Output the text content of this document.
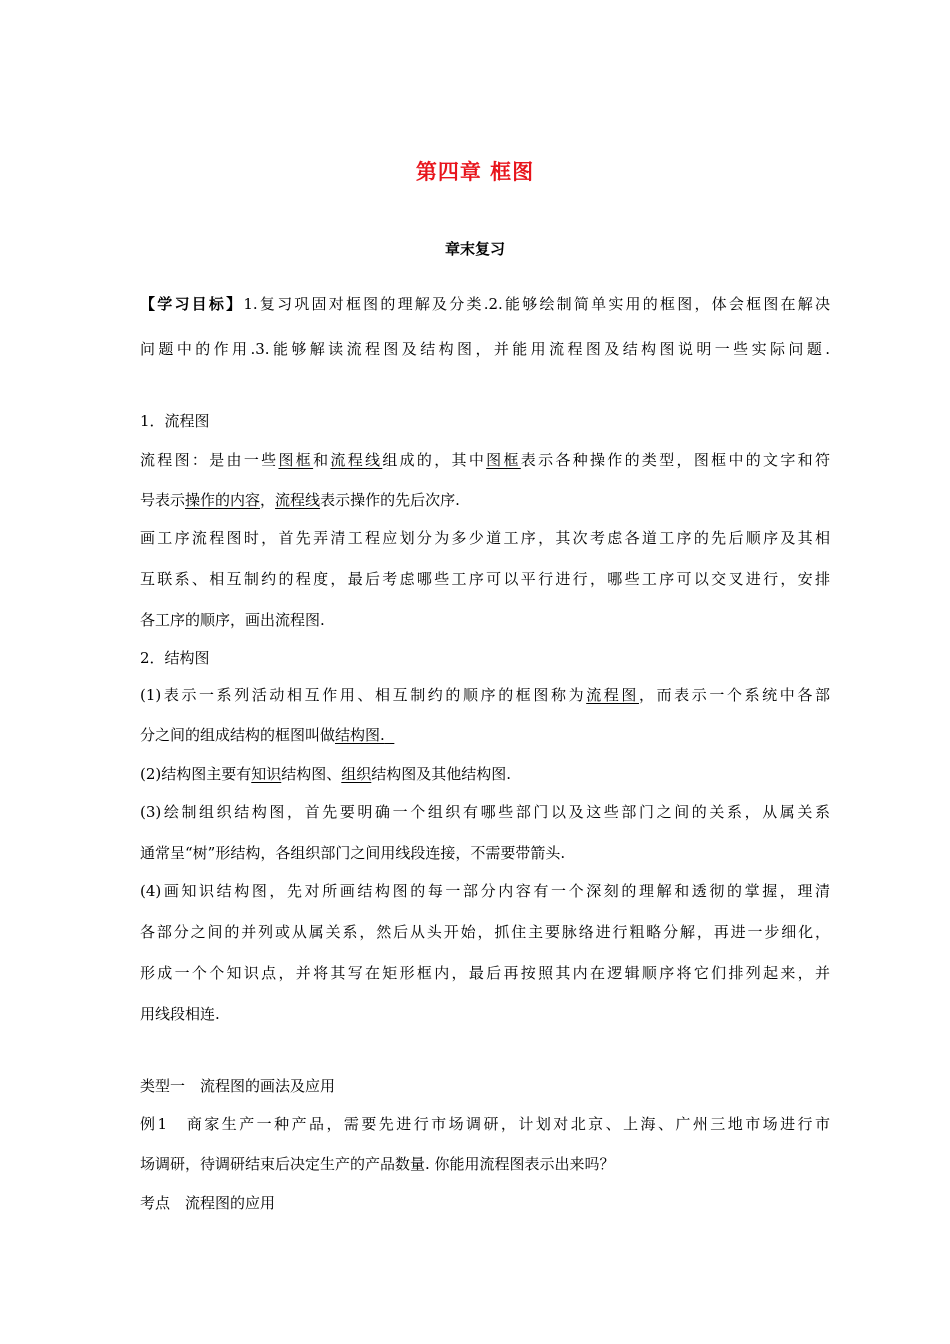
第四章 框图
章末复习
【学习目标】1.复习巩固对框图的理解及分类.2.能够绘制简单实用的框图，体会框图在解决
问题中的作用.3.能够解读流程图及结构图，并能用流程图及结构图说明一些实际问题.
1．流程图
流程图：是由一些图框和流程线组成的，其中图框表示各种操作的类型，图框中的文字和符
号表示操作的内容，流程线表示操作的先后次序.
画工序流程图时，首先弄清工程应划分为多少道工序，其次考虑各道工序的先后顺序及其相
互联系、相互制约的程度，最后考虑哪些工序可以平行进行，哪些工序可以交叉进行，安排
各工序的顺序，画出流程图.
2．结构图
(1)表示一系列活动相互作用、相互制约的顺序的框图称为流程图，而表示一个系统中各部
分之间的组成结构的框图叫做结构图.
(2)结构图主要有知识结构图、组织结构图及其他结构图.
(3)绘制组织结构图，首先要明确一个组织有哪些部门以及这些部门之间的关系，从属关系
通常呈“树”形结构，各组织部门之间用线段连接，不需要带箭头.
(4)画知识结构图，先对所画结构图的每一部分内容有一个深刻的理解和透彻的掌握，理清
各部分之间的并列或从属关系，然后从头开始，抓住主要脉络进行粗略分解，再进一步细化，
形成一个个知识点，并将其写在矩形框内，最后再按照其内在逻辑顺序将它们排列起来，并
用线段相连.
类型一　流程图的画法及应用
例1　商家生产一种产品，需要先进行市场调研，计划对北京、上海、广州三地市场进行市
场调研，待调研结束后决定生产的产品数量. 你能用流程图表示出来吗？
考点　流程图的应用
